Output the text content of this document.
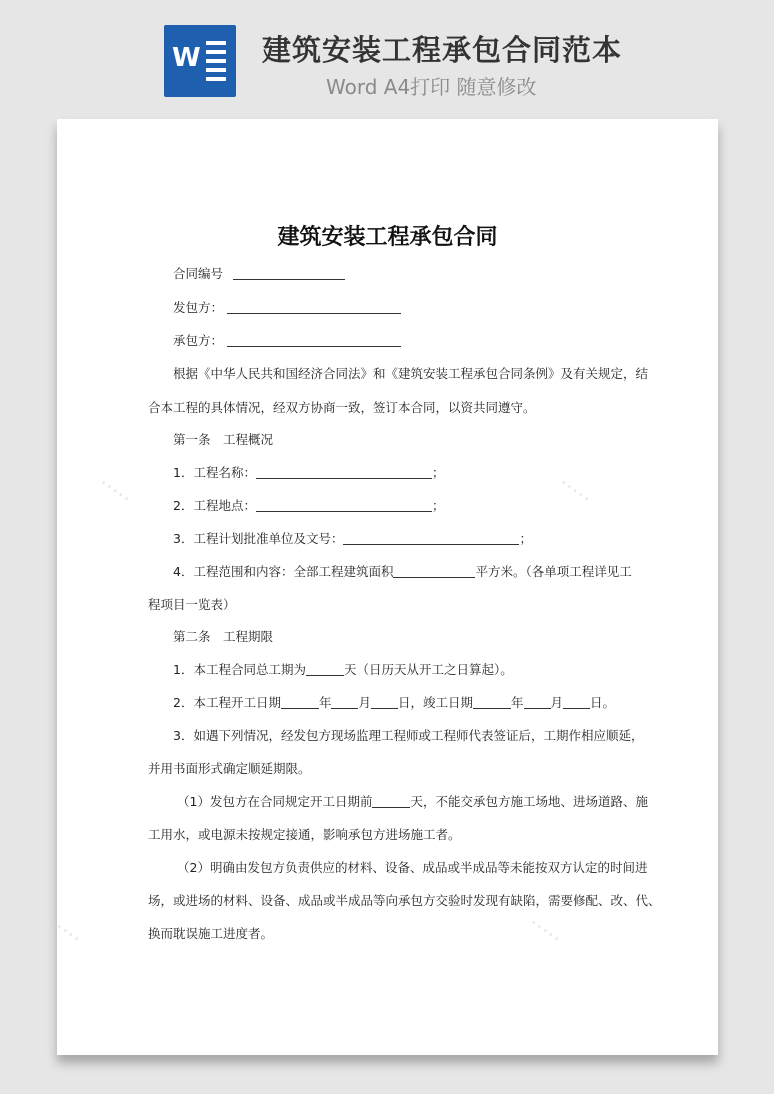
W 建筑安装工程承包合同范本
Word A4打印 随意修改
·····	·····
·····	·····
建筑安装工程承包合同
合同编号
发包方：
承包方：
根据《中华人民共和国经济合同法》和《建筑安装工程承包合同条例》及有关规定，结
合本工程的具体情况，经双方协商一致，签订本合同，以资共同遵守。
第一条　工程概况
1．工程名称：	；
2．工程地点：	；
3．工程计划批准单位及文号：	；
4．工程范围和内容：全部工程建筑面积	平方米。（各单项工程详见工
程项目一览表）
第二条　工程期限
1．本工程合同总工期为	天（日历天从开工之日算起）。
2．本工程开工日期	年 月 日，竣工日期	年 月 日。
3．如遇下列情况，经发包方现场监理工程师或工程师代表签证后，工期作相应顺延，
并用书面形式确定顺延期限。
（1）发包方在合同规定开工日期前	天，不能交承包方施工场地、进场道路、施
工用水，或电源未按规定接通，影响承包方进场施工者。
（2）明确由发包方负责供应的材料、设备、成品或半成品等未能按双方认定的时间进
场，或进场的材料、设备、成品或半成品等向承包方交验时发现有缺陷，需要修配、改、代、
换而耽误施工进度者。
